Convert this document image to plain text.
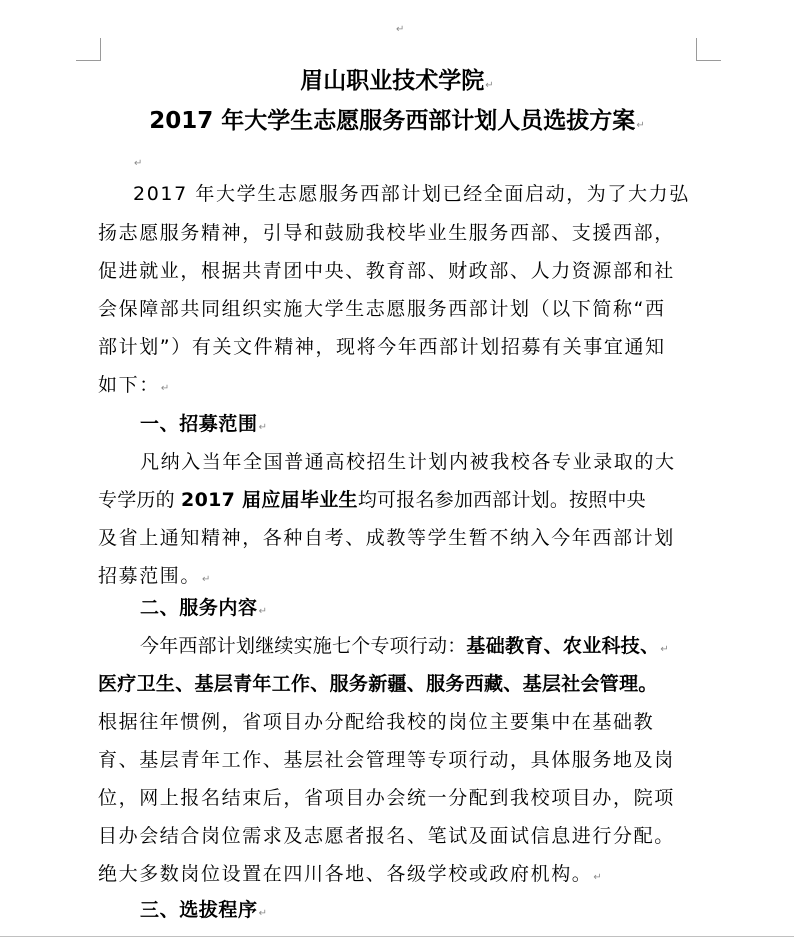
↵
眉山职业技术学院↵
2017 年大学生志愿服务西部计划人员选拔方案↵
↵
2017 年大学生志愿服务西部计划已经全面启动，为了大力弘
扬志愿服务精神，引导和鼓励我校毕业生服务西部、支援西部，
促进就业，根据共青团中央、教育部、财政部、人力资源部和社
会保障部共同组织实施大学生志愿服务西部计划（以下简称“西
部计划”）有关文件精神，现将今年西部计划招募有关事宜通知
如下：↵
一、招募范围↵
凡纳入当年全国普通高校招生计划内被我校各专业录取的大
专学历的 2017 届应届毕业生均可报名参加西部计划。按照中央
及省上通知精神，各种自考、成教等学生暂不纳入今年西部计划
招募范围。↵
二、服务内容↵
今年西部计划继续实施七个专项行动：基础教育、农业科技、↵
医疗卫生、基层青年工作、服务新疆、服务西藏、基层社会管理。
根据往年惯例，省项目办分配给我校的岗位主要集中在基础教
育、基层青年工作、基层社会管理等专项行动，具体服务地及岗
位，网上报名结束后，省项目办会统一分配到我校项目办，院项
目办会结合岗位需求及志愿者报名、笔试及面试信息进行分配。
绝大多数岗位设置在四川各地、各级学校或政府机构。↵
三、选拔程序↵
